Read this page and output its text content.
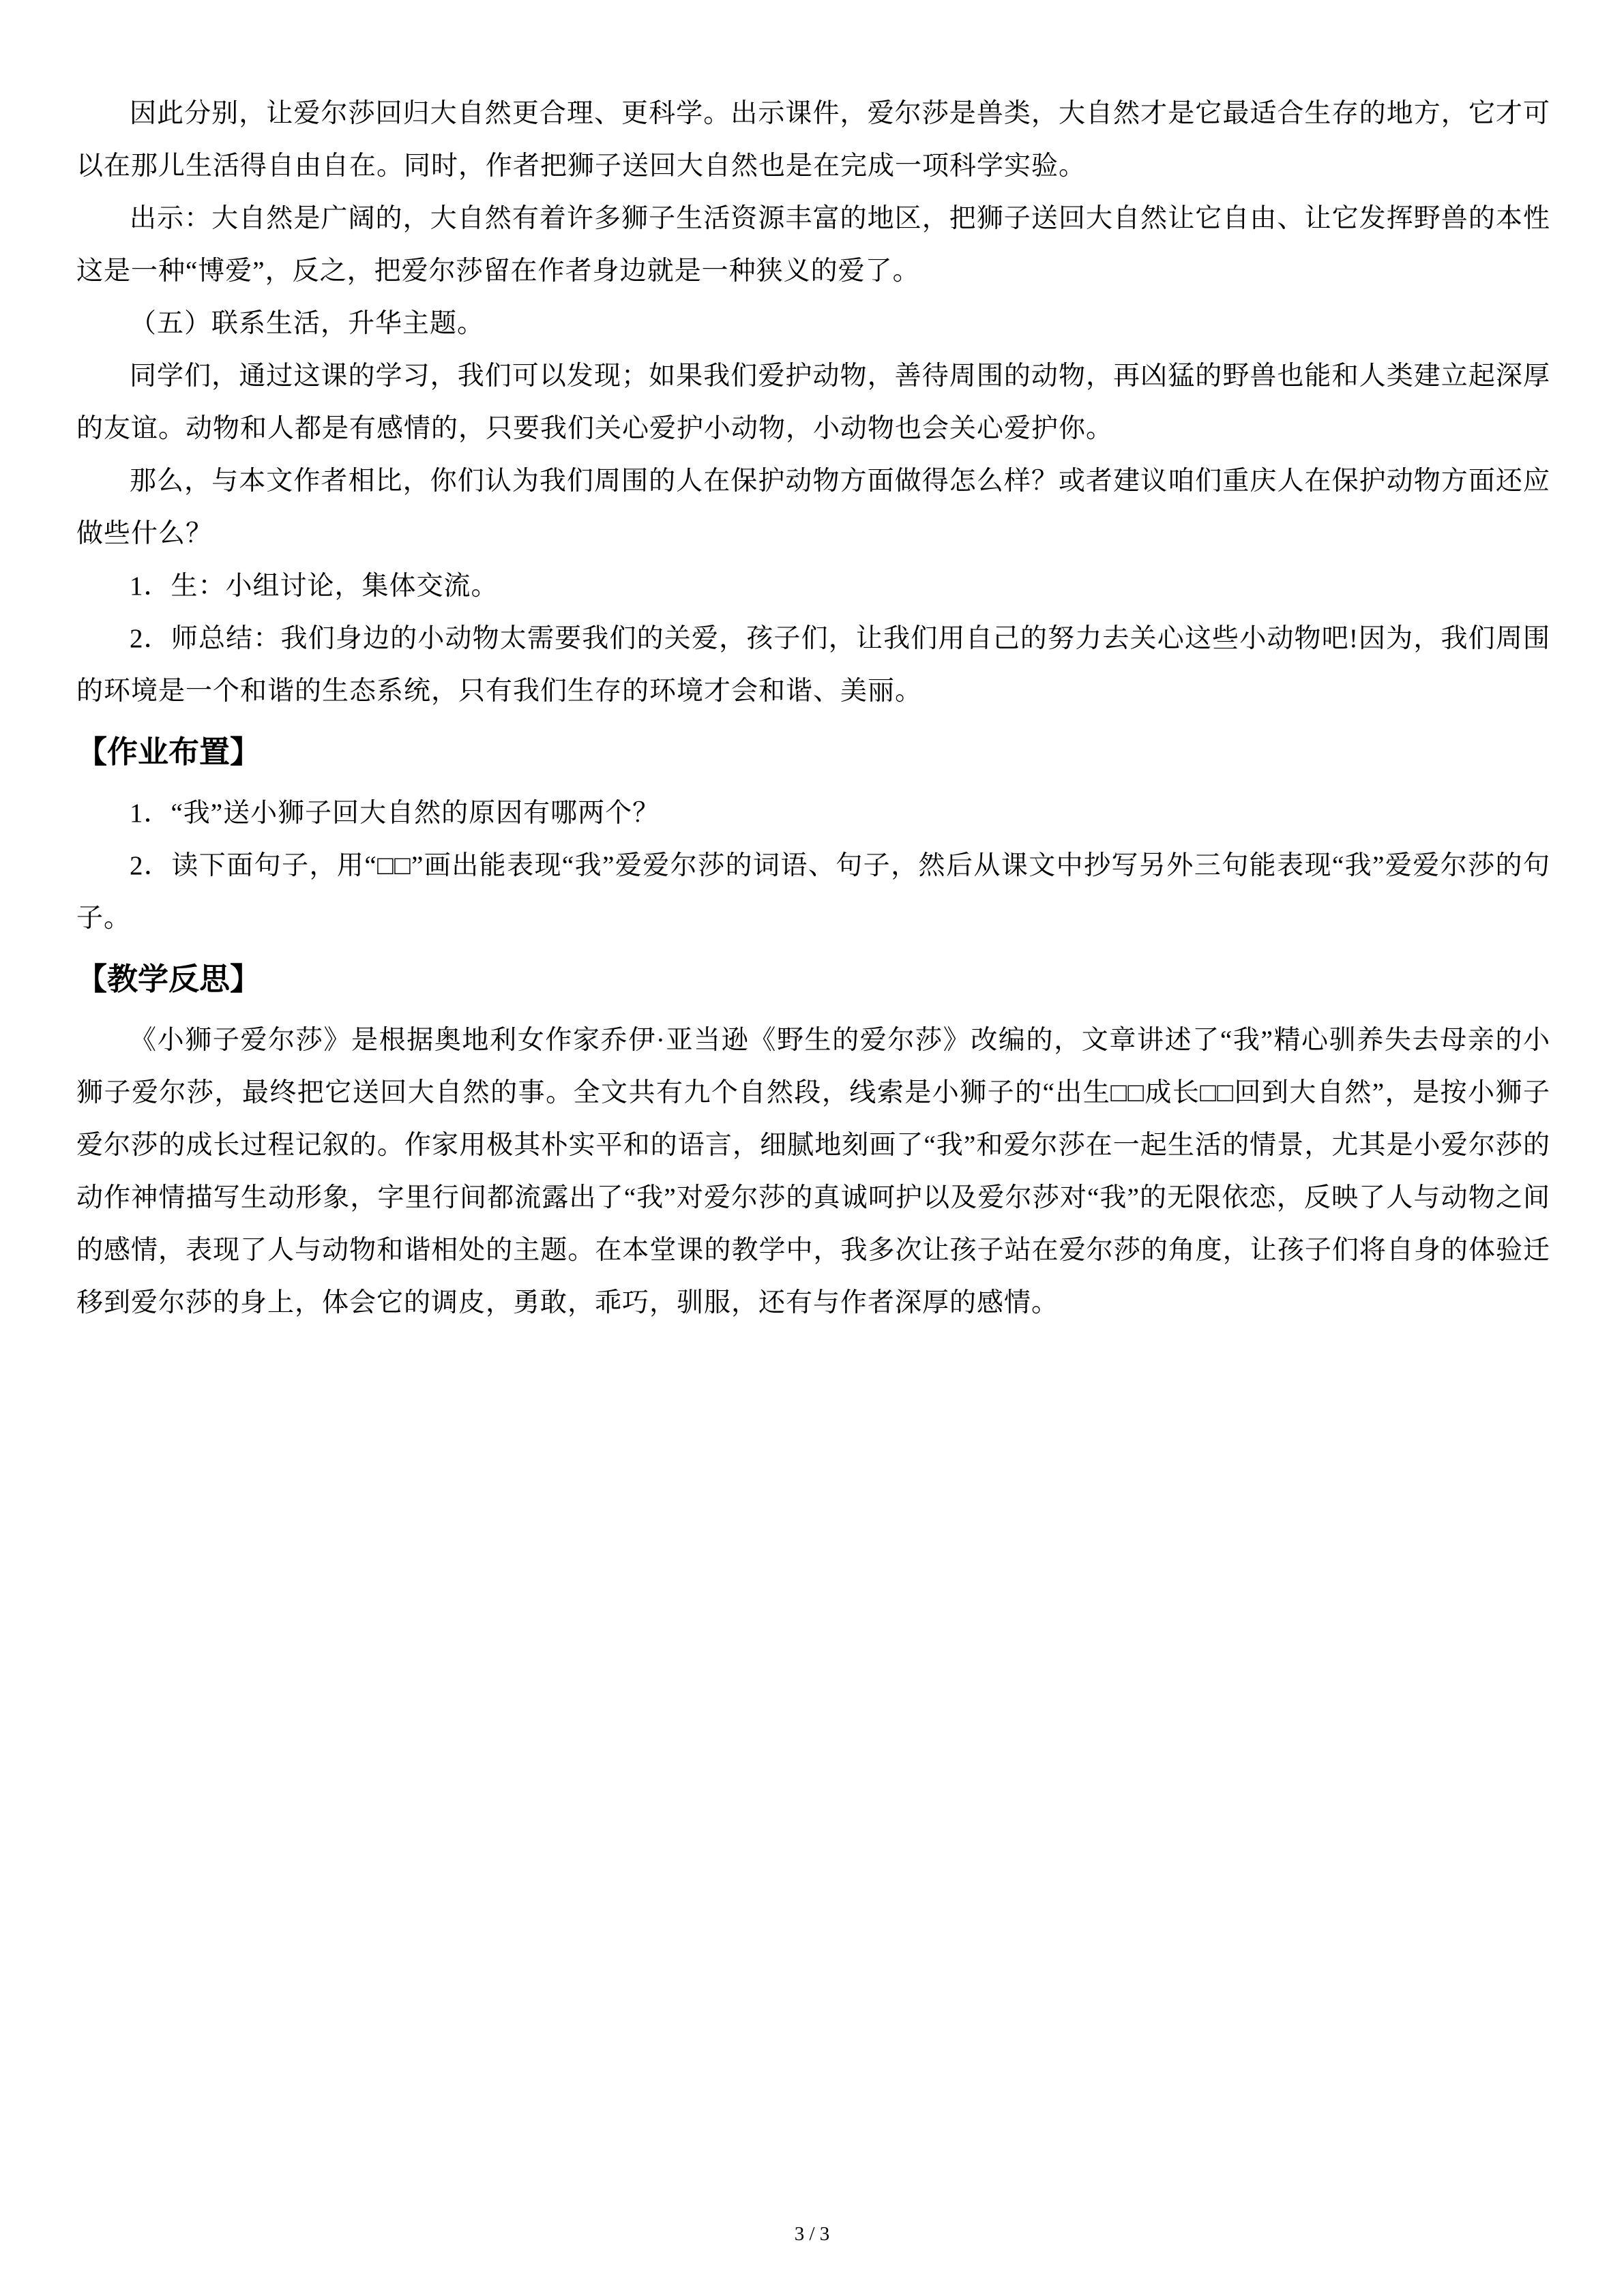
因此分别，让爱尔莎回归大自然更合理、更科学。出示课件，爱尔莎是兽类，大自然才是它最适合生存的地方，它才可以在那儿生活得自由自在。同时，作者把狮子送回大自然也是在完成一项科学实验。

出示：大自然是广阔的，大自然有着许多狮子生活资源丰富的地区，把狮子送回大自然让它自由、让它发挥野兽的本性这是一种“博爱”，反之，把爱尔莎留在作者身边就是一种狭义的爱了。

（五）联系生活，升华主题。

同学们，通过这课的学习，我们可以发现；如果我们爱护动物，善待周围的动物，再凶猛的野兽也能和人类建立起深厚的友谊。动物和人都是有感情的，只要我们关心爱护小动物，小动物也会关心爱护你。

那么，与本文作者相比，你们认为我们周围的人在保护动物方面做得怎么样？或者建议咱们重庆人在保护动物方面还应做些什么？

1．生：小组讨论，集体交流。

2．师总结：我们身边的小动物太需要我们的关爱，孩子们，让我们用自己的努力去关心这些小动物吧!因为，我们周围的环境是一个和谐的生态系统，只有我们生存的环境才会和谐、美丽。

【作业布置】

1．“我”送小狮子回大自然的原因有哪两个？

2．读下面句子，用“□□”画出能表现“我”爱爱尔莎的词语、句子，然后从课文中抄写另外三句能表现“我”爱爱尔莎的句子。

【教学反思】

《小狮子爱尔莎》是根据奥地利女作家乔伊·亚当逊《野生的爱尔莎》改编的，文章讲述了“我”精心驯养失去母亲的小狮子爱尔莎，最终把它送回大自然的事。全文共有九个自然段，线索是小狮子的“出生□□成长□□回到大自然”，是按小狮子爱尔莎的成长过程记叙的。作家用极其朴实平和的语言，细腻地刻画了“我”和爱尔莎在一起生活的情景，尤其是小爱尔莎的动作神情描写生动形象，字里行间都流露出了“我”对爱尔莎的真诚呵护以及爱尔莎对“我”的无限依恋，反映了人与动物之间的感情，表现了人与动物和谐相处的主题。在本堂课的教学中，我多次让孩子站在爱尔莎的角度，让孩子们将自身的体验迁移到爱尔莎的身上，体会它的调皮，勇敢，乖巧，驯服，还有与作者深厚的感情。

3 / 3
